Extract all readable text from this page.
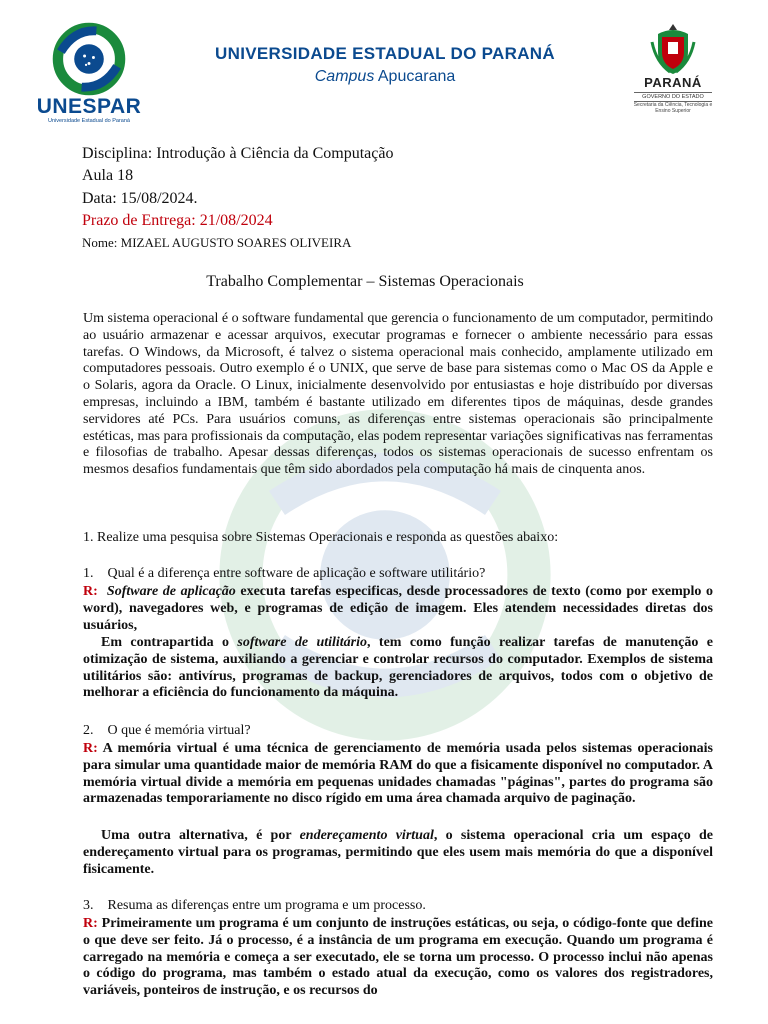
UNESPAR
Universidade Estadual do Paraná
UNIVERSIDADE ESTADUAL DO PARANÁ
Campus Apucarana	PARANÁ
GOVERNO DO ESTADO
Secretaria da Ciência, Tecnologia e Ensino Superior
Disciplina: Introdução à Ciência da Computação
Aula 18
Data: 15/08/2024.
Prazo de Entrega: 21/08/2024
Nome: MIZAEL AUGUSTO SOARES OLIVEIRA
Trabalho Complementar – Sistemas Operacionais
Um sistema operacional é o software fundamental que gerencia o funcionamento de um computador, permitindo ao usuário armazenar e acessar arquivos, executar programas e fornecer o ambiente necessário para essas tarefas. O Windows, da Microsoft, é talvez o sistema operacional mais conhecido, amplamente utilizado em computadores pessoais. Outro exemplo é o UNIX, que serve de base para sistemas como o Mac OS da Apple e o Solaris, agora da Oracle. O Linux, inicialmente desenvolvido por entusiastas e hoje distribuído por diversas empresas, incluindo a IBM, também é bastante utilizado em diferentes tipos de máquinas, desde grandes servidores até PCs. Para usuários comuns, as diferenças entre sistemas operacionais são principalmente estéticas, mas para profissionais da computação, elas podem representar variações significativas nas ferramentas e filosofias de trabalho. Apesar dessas diferenças, todos os sistemas operacionais de sucesso enfrentam os mesmos desafios fundamentais que têm sido abordados pela computação há mais de cinquenta anos.
1. Realize uma pesquisa sobre Sistemas Operacionais e responda as questões abaixo:
1. Qual é a diferença entre software de aplicação e software utilitário?
R: Software de aplicação executa tarefas especificas, desde processadores de texto (como por exemplo o word), navegadores web, e programas de edição de imagem. Eles atendem necessidades diretas dos usuários,
Em contrapartida o software de utilitário, tem como função realizar tarefas de manutenção e otimização de sistema, auxiliando a gerenciar e controlar recursos do computador. Exemplos de sistema utilitários são: antivírus, programas de backup, gerenciadores de arquivos, todos com o objetivo de melhorar a eficiência do funcionamento da máquina.
2. O que é memória virtual?
R: A memória virtual é uma técnica de gerenciamento de memória usada pelos sistemas operacionais para simular uma quantidade maior de memória RAM do que a fisicamente disponível no computador. A memória virtual divide a memória em pequenas unidades chamadas "páginas", partes do programa são armazenadas temporariamente no disco rígido em uma área chamada arquivo de paginação.
Uma outra alternativa, é por endereçamento virtual, o sistema operacional cria um espaço de endereçamento virtual para os programas, permitindo que eles usem mais memória do que a disponível fisicamente.
3. Resuma as diferenças entre um programa e um processo.
R: Primeiramente um programa é um conjunto de instruções estáticas, ou seja, o código-fonte que define o que deve ser feito. Já o processo, é a instância de um programa em execução. Quando um programa é carregado na memória e começa a ser executado, ele se torna um processo. O processo inclui não apenas o código do programa, mas também o estado atual da execução, como os valores dos registradores, variáveis, ponteiros de instrução, e os recursos do
